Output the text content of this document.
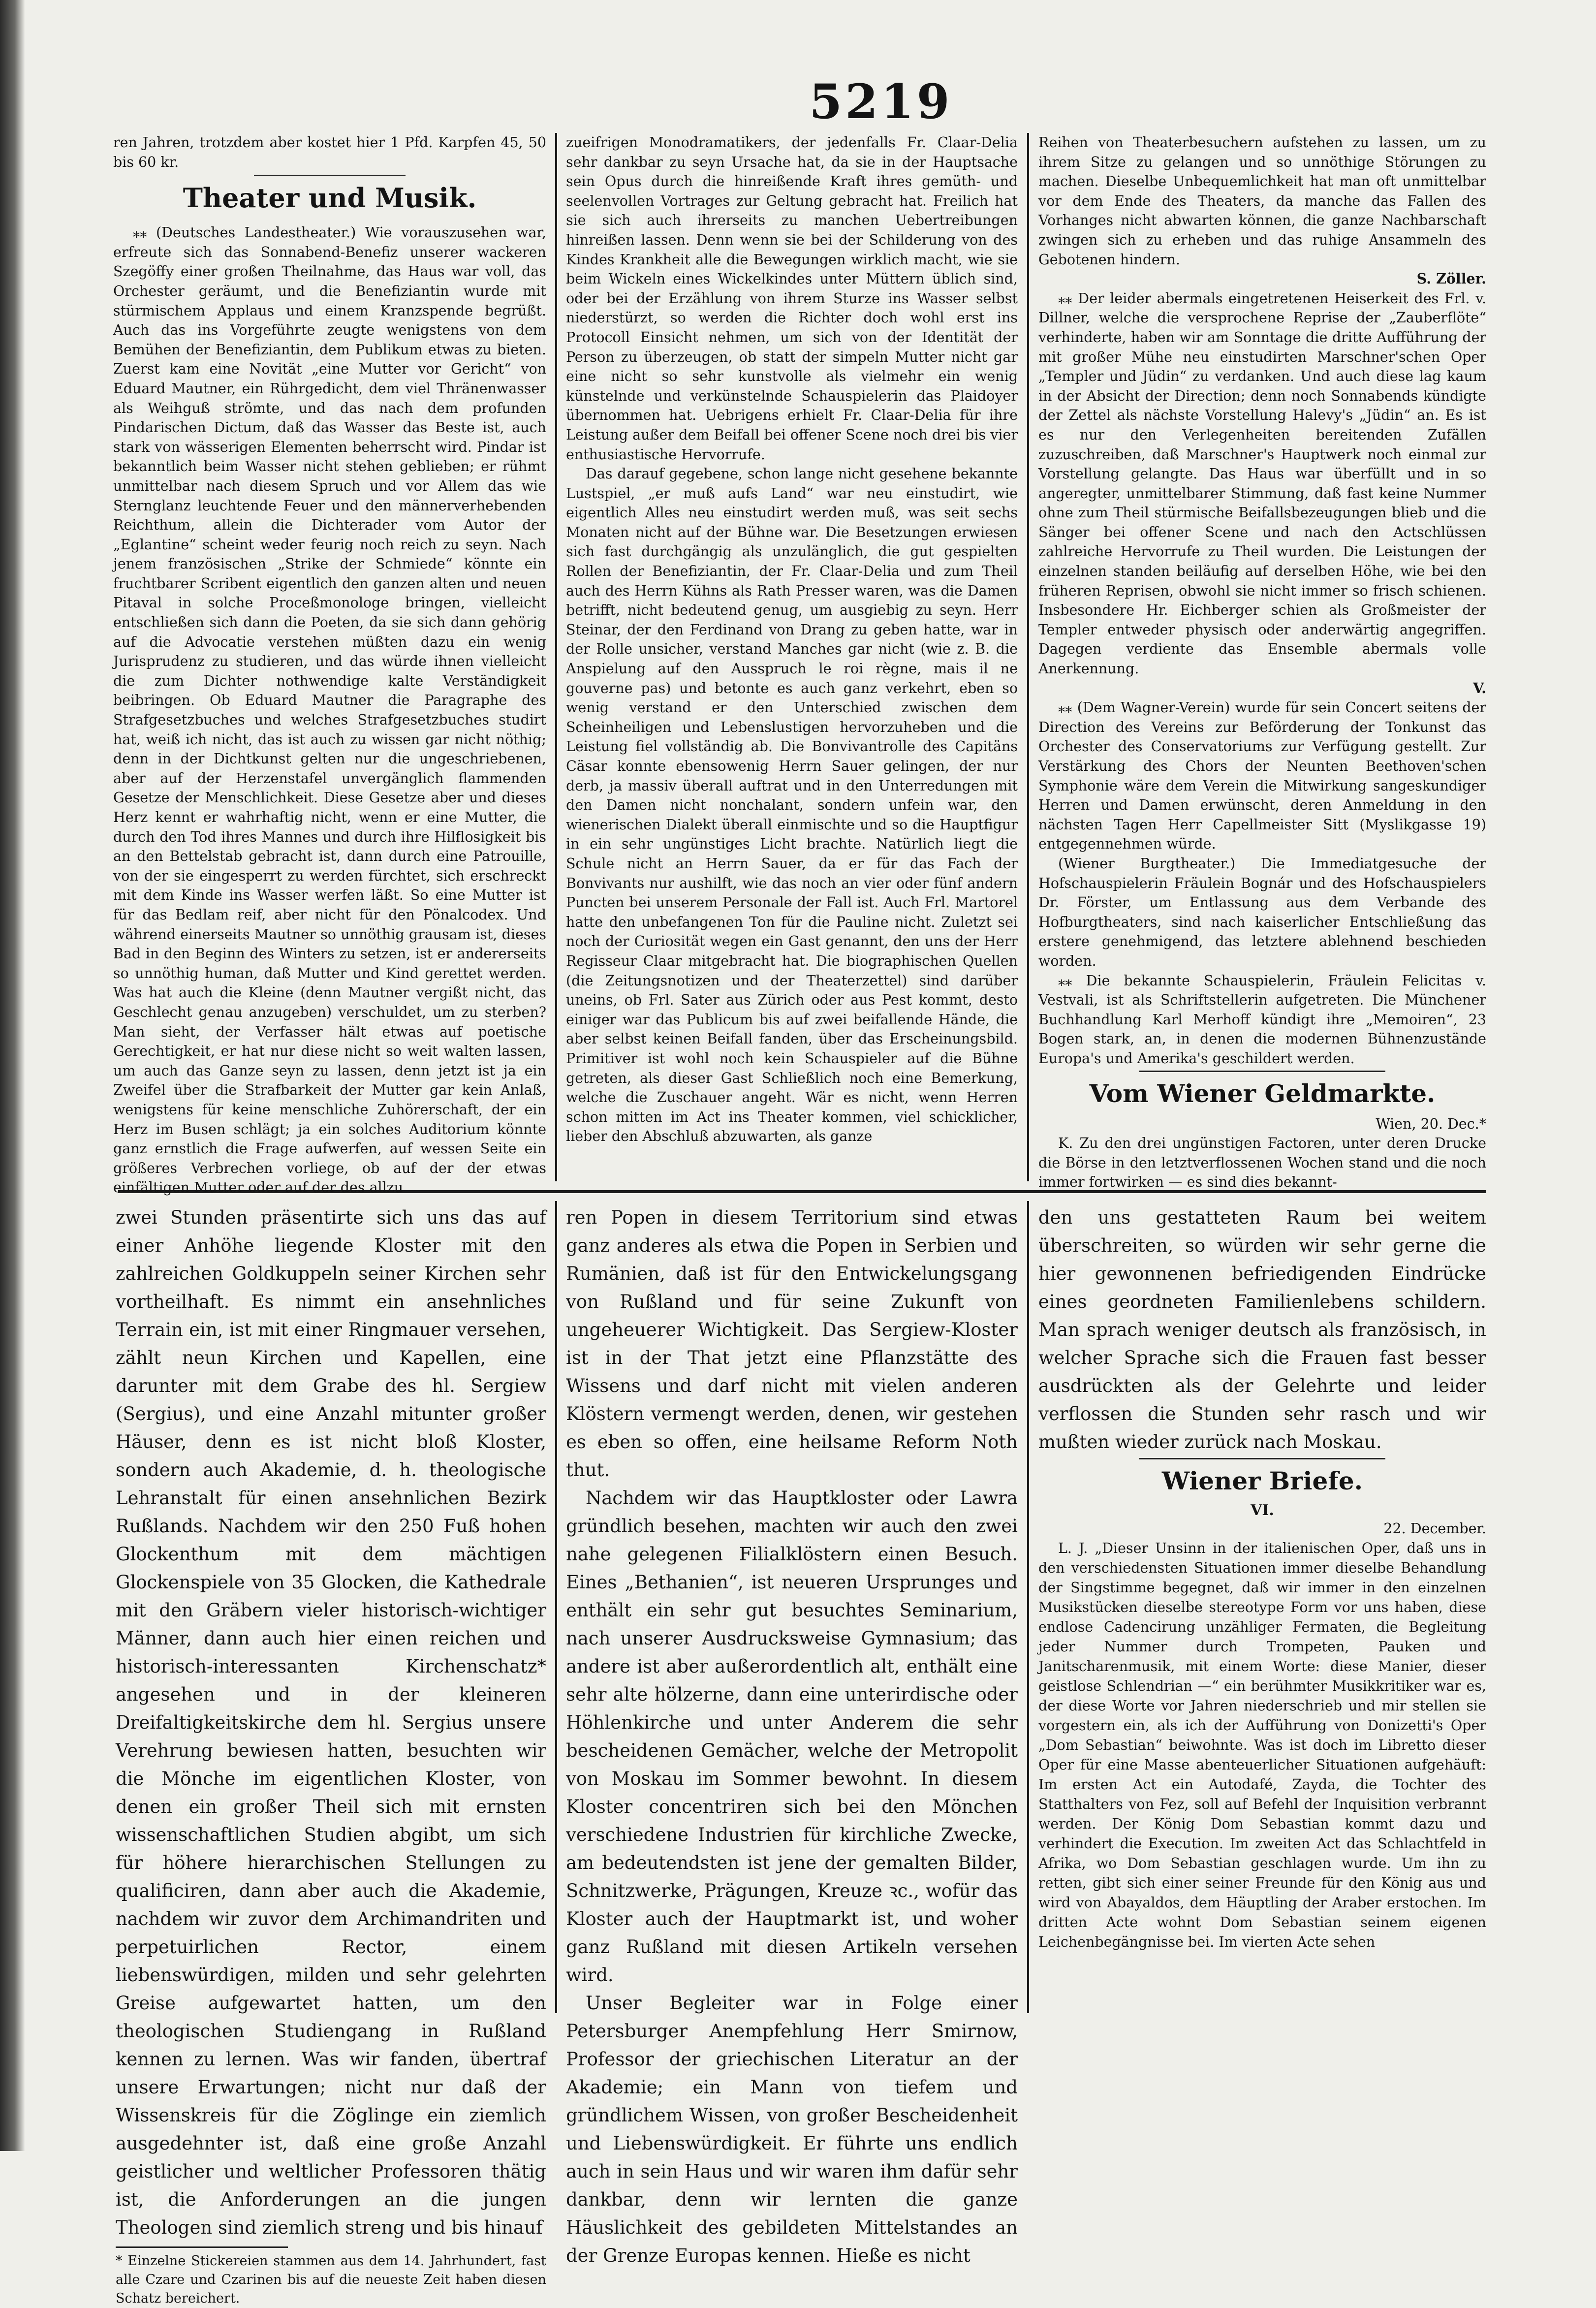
5219

ren Jahren, trotzdem aber kostet hier 1 Pfd. Karpfen 45, 50 bis 60 kr.

Theater und Musik.

⁎⁎ (Deutsches Landestheater.) Wie vorauszusehen war, erfreute sich das Sonnabend-Benefiz unserer wackeren Szegöffy einer großen Theilnahme, das Haus war voll, das Orchester geräumt, und die Benefiziantin wurde mit stürmischem Applaus und einem Kranzspende begrüßt. Auch das ins Vorgeführte zeugte wenigstens von dem Bemühen der Benefiziantin, dem Publikum etwas zu bieten. Zuerst kam eine Novität „eine Mutter vor Gericht“ von Eduard Mautner, ein Rührgedicht, dem viel Thränenwasser als Weihguß strömte, und das nach dem profunden Pindarischen Dictum, daß das Wasser das Beste ist, auch stark von wässerigen Elementen beherrscht wird. Pindar ist bekanntlich beim Wasser nicht stehen geblieben; er rühmt unmittelbar nach diesem Spruch und vor Allem das wie Sternglanz leuchtende Feuer und den männerverhebenden Reichthum, allein die Dichterader vom Autor der „Eglantine“ scheint weder feurig noch reich zu seyn. Nach jenem französischen „Strike der Schmiede“ könnte ein fruchtbarer Scribent eigentlich den ganzen alten und neuen Pitaval in solche Proceßmonologe bringen, vielleicht entschließen sich dann die Poeten, da sie sich dann gehörig auf die Advocatie verstehen müßten dazu ein wenig Jurisprudenz zu studieren, und das würde ihnen vielleicht die zum Dichter nothwendige kalte Verständigkeit beibringen. Ob Eduard Mautner die Paragraphe des Strafgesetzbuches und welches Strafgesetzbuches studirt hat, weiß ich nicht, das ist auch zu wissen gar nicht nöthig; denn in der Dichtkunst gelten nur die ungeschriebenen, aber auf der Herzenstafel unvergänglich flammenden Gesetze der Menschlichkeit. Diese Gesetze aber und dieses Herz kennt er wahrhaftig nicht, wenn er eine Mutter, die durch den Tod ihres Mannes und durch ihre Hilflosigkeit bis an den Bettelstab gebracht ist, dann durch eine Patrouille, von der sie eingesperrt zu werden fürchtet, sich erschreckt mit dem Kinde ins Wasser werfen läßt. So eine Mutter ist für das Bedlam reif, aber nicht für den Pönalcodex. Und während einerseits Mautner so unnöthig grausam ist, dieses Bad in den Beginn des Winters zu setzen, ist er andererseits so unnöthig human, daß Mutter und Kind gerettet werden. Was hat auch die Kleine (denn Mautner vergißt nicht, das Geschlecht genau anzugeben) verschuldet, um zu sterben? Man sieht, der Verfasser hält etwas auf poetische Gerechtigkeit, er hat nur diese nicht so weit walten lassen, um auch das Ganze seyn zu lassen, denn jetzt ist ja ein Zweifel über die Strafbarkeit der Mutter gar kein Anlaß, wenigstens für keine menschliche Zuhörerschaft, der ein Herz im Busen schlägt; ja ein solches Auditorium könnte ganz ernstlich die Frage aufwerfen, auf wessen Seite ein größeres Verbrechen vorliege, ob auf der der etwas einfältigen Mutter oder auf der des allzu

zueifrigen Monodramatikers, der jedenfalls Fr. Claar-Delia sehr dankbar zu seyn Ursache hat, da sie in der Hauptsache sein Opus durch die hinreißende Kraft ihres gemüth- und seelenvollen Vortrages zur Geltung gebracht hat. Freilich hat sie sich auch ihrerseits zu manchen Uebertreibungen hinreißen lassen. Denn wenn sie bei der Schilderung von des Kindes Krankheit alle die Bewegungen wirklich macht, wie sie beim Wickeln eines Wickelkindes unter Müttern üblich sind, oder bei der Erzählung von ihrem Sturze ins Wasser selbst niederstürzt, so werden die Richter doch wohl erst ins Protocoll Einsicht nehmen, um sich von der Identität der Person zu überzeugen, ob statt der simpeln Mutter nicht gar eine nicht so sehr kunstvolle als vielmehr ein wenig künstelnde und verkünstelnde Schauspielerin das Plaidoyer übernommen hat. Uebrigens erhielt Fr. Claar-Delia für ihre Leistung außer dem Beifall bei offener Scene noch drei bis vier enthusiastische Hervorrufe.

Das darauf gegebene, schon lange nicht gesehene bekannte Lustspiel, „er muß aufs Land“ war neu einstudirt, wie eigentlich Alles neu einstudirt werden muß, was seit sechs Monaten nicht auf der Bühne war. Die Besetzungen erwiesen sich fast durchgängig als unzulänglich, die gut gespielten Rollen der Benefiziantin, der Fr. Claar-Delia und zum Theil auch des Herrn Kühns als Rath Presser waren, was die Damen betrifft, nicht bedeutend genug, um ausgiebig zu seyn. Herr Steinar, der den Ferdinand von Drang zu geben hatte, war in der Rolle unsicher, verstand Manches gar nicht (wie z. B. die Anspielung auf den Ausspruch le roi règne, mais il ne gouverne pas) und betonte es auch ganz verkehrt, eben so wenig verstand er den Unterschied zwischen dem Scheinheiligen und Lebenslustigen hervorzuheben und die Leistung fiel vollständig ab. Die Bonvivantrolle des Capitäns Cäsar konnte ebensowenig Herrn Sauer gelingen, der nur derb, ja massiv überall auftrat und in den Unterredungen mit den Damen nicht nonchalant, sondern unfein war, den wienerischen Dialekt überall einmischte und so die Hauptfigur in ein sehr ungünstiges Licht brachte. Natürlich liegt die Schule nicht an Herrn Sauer, da er für das Fach der Bonvivants nur aushilft, wie das noch an vier oder fünf andern Puncten bei unserem Personale der Fall ist. Auch Frl. Martorel hatte den unbefangenen Ton für die Pauline nicht. Zuletzt sei noch der Curiosität wegen ein Gast genannt, den uns der Herr Regisseur Claar mitgebracht hat. Die biographischen Quellen (die Zeitungsnotizen und der Theaterzettel) sind darüber uneins, ob Frl. Sater aus Zürich oder aus Pest kommt, desto einiger war das Publicum bis auf zwei beifallende Hände, die aber selbst keinen Beifall fanden, über das Erscheinungsbild. Primitiver ist wohl noch kein Schauspieler auf die Bühne getreten, als dieser Gast Schließlich noch eine Bemerkung, welche die Zuschauer angeht. Wär es nicht, wenn Herren schon mitten im Act ins Theater kommen, viel schicklicher, lieber den Abschluß abzuwarten, als ganze

Reihen von Theaterbesuchern aufstehen zu lassen, um zu ihrem Sitze zu gelangen und so unnöthige Störungen zu machen. Dieselbe Unbequemlichkeit hat man oft unmittelbar vor dem Ende des Theaters, da manche das Fallen des Vorhanges nicht abwarten können, die ganze Nachbarschaft zwingen sich zu erheben und das ruhige Ansammeln des Gebotenen hindern.

S. Zöller.

⁎⁎ Der leider abermals eingetretenen Heiserkeit des Frl. v. Dillner, welche die versprochene Reprise der „Zauberflöte“ verhinderte, haben wir am Sonntage die dritte Aufführung der mit großer Mühe neu einstudirten Marschner'schen Oper „Templer und Jüdin“ zu verdanken. Und auch diese lag kaum in der Absicht der Direction; denn noch Sonnabends kündigte der Zettel als nächste Vorstellung Halevy's „Jüdin“ an. Es ist es nur den Verlegenheiten bereitenden Zufällen zuzuschreiben, daß Marschner's Hauptwerk noch einmal zur Vorstellung gelangte. Das Haus war überfüllt und in so angeregter, unmittelbarer Stimmung, daß fast keine Nummer ohne zum Theil stürmische Beifallsbezeugungen blieb und die Sänger bei offener Scene und nach den Actschlüssen zahlreiche Hervorrufe zu Theil wurden. Die Leistungen der einzelnen standen beiläufig auf derselben Höhe, wie bei den früheren Reprisen, obwohl sie nicht immer so frisch schienen. Insbesondere Hr. Eichberger schien als Großmeister der Templer entweder physisch oder anderwärtig angegriffen. Dagegen verdiente das Ensemble abermals volle Anerkennung.

V.

⁎⁎ (Dem Wagner-Verein) wurde für sein Concert seitens der Direction des Vereins zur Beförderung der Tonkunst das Orchester des Conservatoriums zur Verfügung gestellt. Zur Verstärkung des Chors der Neunten Beethoven'schen Symphonie wäre dem Verein die Mitwirkung sangeskundiger Herren und Damen erwünscht, deren Anmeldung in den nächsten Tagen Herr Capellmeister Sitt (Myslikgasse 19) entgegennehmen würde.

(Wiener Burgtheater.) Die Immediatgesuche der Hofschauspielerin Fräulein Bognár und des Hofschauspielers Dr. Förster, um Entlassung aus dem Verbande des Hofburgtheaters, sind nach kaiserlicher Entschließung das erstere genehmigend, das letztere ablehnend beschieden worden.

⁎⁎ Die bekannte Schauspielerin, Fräulein Felicitas v. Vestvali, ist als Schriftstellerin aufgetreten. Die Münchener Buchhandlung Karl Merhoff kündigt ihre „Memoiren“, 23 Bogen stark, an, in denen die modernen Bühnenzustände Europa's und Amerika's geschildert werden.

Vom Wiener Geldmarkte.
Wien, 20. Dec.*

K. Zu den drei ungünstigen Factoren, unter deren Drucke die Börse in den letztverflossenen Wochen stand und die noch immer fortwirken — es sind dies bekannt-

zwei Stunden präsentirte sich uns das auf einer Anhöhe liegende Kloster mit den zahlreichen Goldkuppeln seiner Kirchen sehr vortheilhaft. Es nimmt ein ansehnliches Terrain ein, ist mit einer Ringmauer versehen, zählt neun Kirchen und Kapellen, eine darunter mit dem Grabe des hl. Sergiew (Sergius), und eine Anzahl mitunter großer Häuser, denn es ist nicht bloß Kloster, sondern auch Akademie, d. h. theologische Lehranstalt für einen ansehnlichen Bezirk Rußlands. Nachdem wir den 250 Fuß hohen Glockenthum mit dem mächtigen Glockenspiele von 35 Glocken, die Kathedrale mit den Gräbern vieler historisch-wichtiger Männer, dann auch hier einen reichen und historisch-interessanten Kirchenschatz* angesehen und in der kleineren Dreifaltigkeitskirche dem hl. Sergius unsere Verehrung bewiesen hatten, besuchten wir die Mönche im eigentlichen Kloster, von denen ein großer Theil sich mit ernsten wissenschaftlichen Studien abgibt, um sich für höhere hierarchischen Stellungen zu qualificiren, dann aber auch die Akademie, nachdem wir zuvor dem Archimandriten und perpetuirlichen Rector, einem liebenswürdigen, milden und sehr gelehrten Greise aufgewartet hatten, um den theologischen Studiengang in Rußland kennen zu lernen. Was wir fanden, übertraf unsere Erwartungen; nicht nur daß der Wissenskreis für die Zöglinge ein ziemlich ausgedehnter ist, daß eine große Anzahl geistlicher und weltlicher Professoren thätig ist, die Anforderungen an die jungen Theologen sind ziemlich streng und bis hinauf

* Einzelne Stickereien stammen aus dem 14. Jahrhundert, fast alle Czare und Czarinen bis auf die neueste Zeit haben diesen Schatz bereichert.

ren Popen in diesem Territorium sind etwas ganz anderes als etwa die Popen in Serbien und Rumänien, daß ist für den Entwickelungsgang von Rußland und für seine Zukunft von ungeheuerer Wichtigkeit. Das Sergiew-Kloster ist in der That jetzt eine Pflanzstätte des Wissens und darf nicht mit vielen anderen Klöstern vermengt werden, denen, wir gestehen es eben so offen, eine heilsame Reform Noth thut.

Nachdem wir das Hauptkloster oder Lawra gründlich besehen, machten wir auch den zwei nahe gelegenen Filialklöstern einen Besuch. Eines „Bethanien“, ist neueren Ursprunges und enthält ein sehr gut besuchtes Seminarium, nach unserer Ausdrucksweise Gymnasium; das andere ist aber außerordentlich alt, enthält eine sehr alte hölzerne, dann eine unterirdische oder Höhlenkirche und unter Anderem die sehr bescheidenen Gemächer, welche der Metropolit von Moskau im Sommer bewohnt. In diesem Kloster concentriren sich bei den Mönchen verschiedene Industrien für kirchliche Zwecke, am bedeutendsten ist jene der gemalten Bilder, Schnitzwerke, Prägungen, Kreuze ꝛc., wofür das Kloster auch der Hauptmarkt ist, und woher ganz Rußland mit diesen Artikeln versehen wird.

Unser Begleiter war in Folge einer Petersburger Anempfehlung Herr Smirnow, Professor der griechischen Literatur an der Akademie; ein Mann von tiefem und gründlichem Wissen, von großer Bescheidenheit und Liebenswürdigkeit. Er führte uns endlich auch in sein Haus und wir waren ihm dafür sehr dankbar, denn wir lernten die ganze Häuslichkeit des gebildeten Mittelstandes an der Grenze Europas kennen. Hieße es nicht

den uns gestatteten Raum bei weitem überschreiten, so würden wir sehr gerne die hier gewonnenen befriedigenden Eindrücke eines geordneten Familienlebens schildern. Man sprach weniger deutsch als französisch, in welcher Sprache sich die Frauen fast besser ausdrückten als der Gelehrte und leider verflossen die Stunden sehr rasch und wir mußten wieder zurück nach Moskau.

Wiener Briefe.
VI.
22. December.

L. J. „Dieser Unsinn in der italienischen Oper, daß uns in den verschiedensten Situationen immer dieselbe Behandlung der Singstimme begegnet, daß wir immer in den einzelnen Musikstücken dieselbe stereotype Form vor uns haben, diese endlose Cadencirung unzähliger Fermaten, die Begleitung jeder Nummer durch Trompeten, Pauken und Janitscharenmusik, mit einem Worte: diese Manier, dieser geistlose Schlendrian —“ ein berühmter Musikkritiker war es, der diese Worte vor Jahren niederschrieb und mir stellen sie vorgestern ein, als ich der Aufführung von Donizetti's Oper „Dom Sebastian“ beiwohnte. Was ist doch im Libretto dieser Oper für eine Masse abenteuerlicher Situationen aufgehäuft: Im ersten Act ein Autodafé, Zayda, die Tochter des Statthalters von Fez, soll auf Befehl der Inquisition verbrannt werden. Der König Dom Sebastian kommt dazu und verhindert die Execution. Im zweiten Act das Schlachtfeld in Afrika, wo Dom Sebastian geschlagen wurde. Um ihn zu retten, gibt sich einer seiner Freunde für den König aus und wird von Abayaldos, dem Häuptling der Araber erstochen. Im dritten Acte wohnt Dom Sebastian seinem eigenen Leichenbegängnisse bei. Im vierten Acte sehen
